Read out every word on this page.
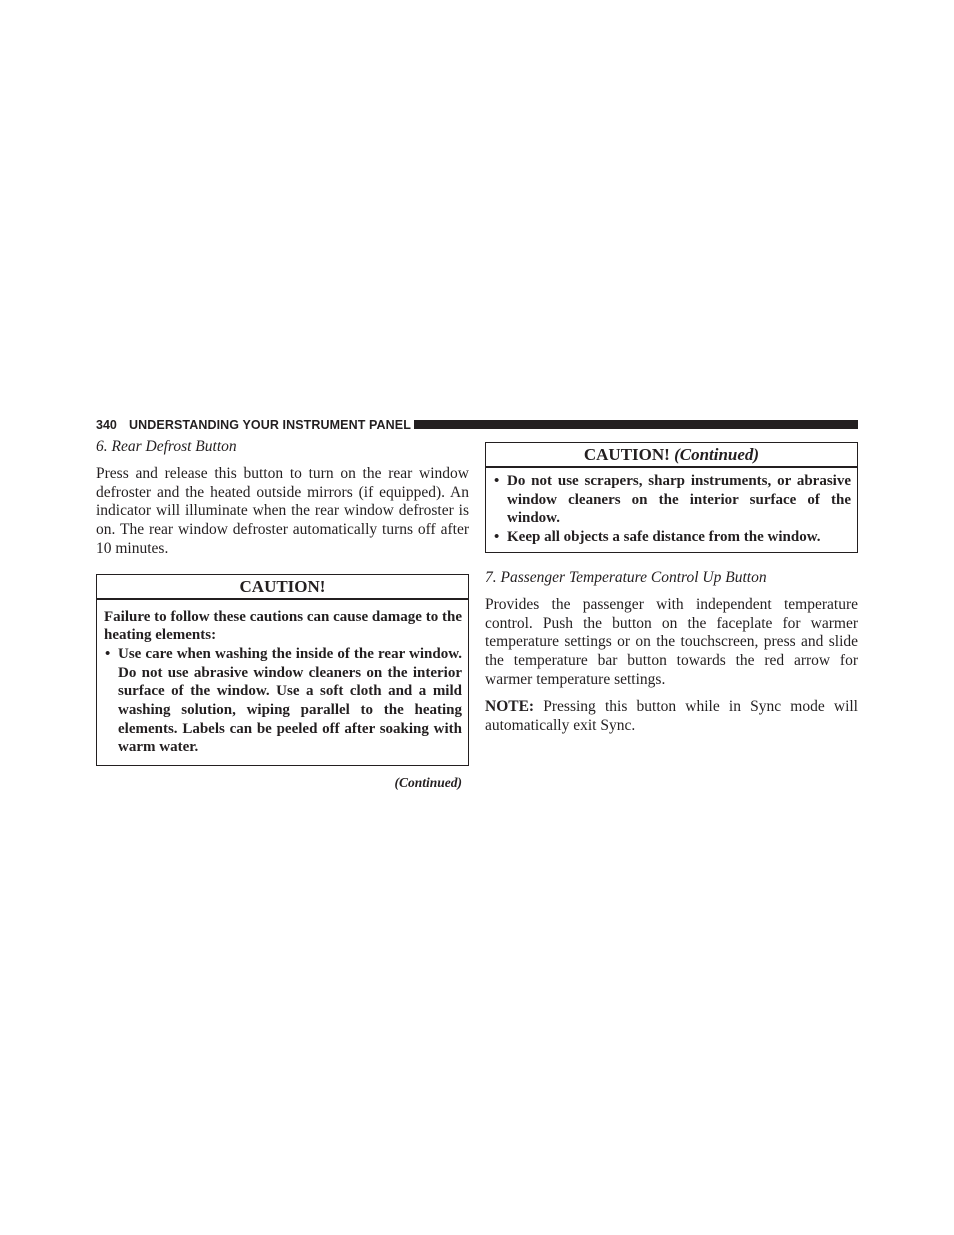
340 UNDERSTANDING YOUR INSTRUMENT PANEL

6. Rear Defrost Button

Press and release this button to turn on the rear window defroster and the heated outside mirrors (if equipped). An indicator will illuminate when the rear window defroster is on. The rear window defroster automatically turns off after 10 minutes.

CAUTION!

Failure to follow these cautions can cause damage to the heating elements:

• Use care when washing the inside of the rear window. Do not use abrasive window cleaners on the interior surface of the window. Use a soft cloth and a mild washing solution, wiping parallel to the heating elements. Labels can be peeled off after soaking with warm water.
(Continued)
CAUTION! (Continued)
• Do not use scrapers, sharp instruments, or abrasive window cleaners on the interior surface of the window.
• Keep all objects a safe distance from the window.

7. Passenger Temperature Control Up Button

Provides the passenger with independent temperature control. Push the button on the faceplate for warmer temperature settings or on the touchscreen, press and slide the temperature bar button towards the red arrow for warmer temperature settings.

NOTE: Pressing this button while in Sync mode will automatically exit Sync.
